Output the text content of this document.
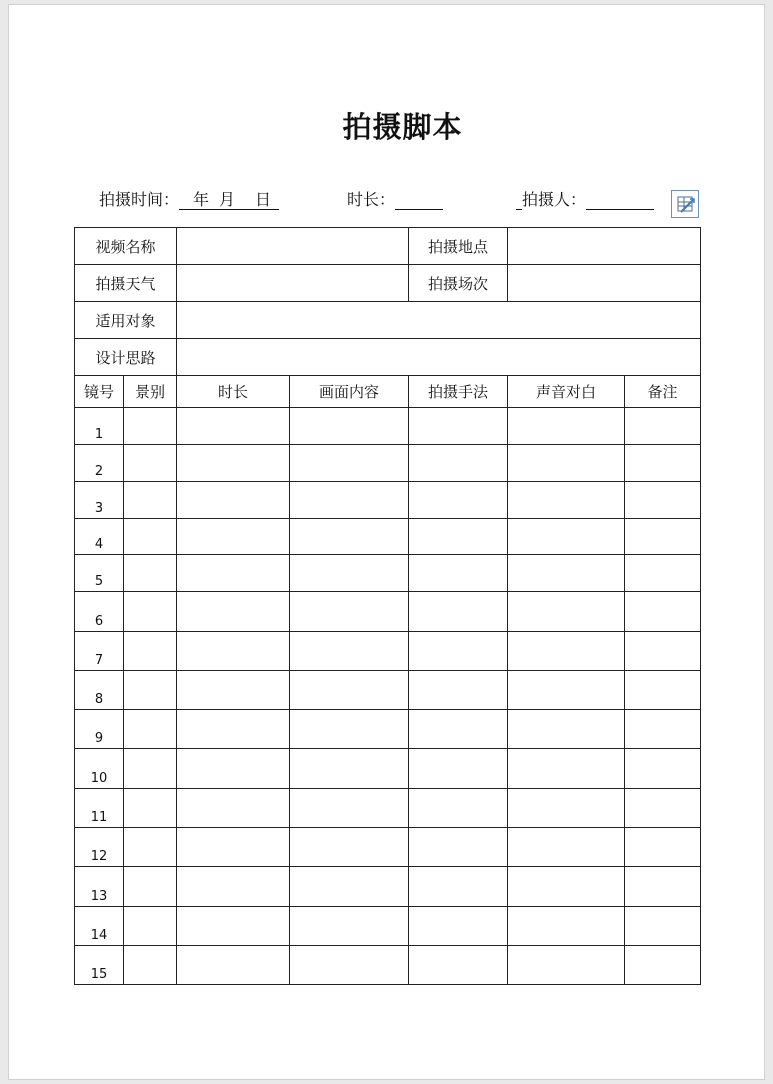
拍摄脚本
拍摄时间： 年 月 日	时长：	拍摄人：
视频名称				拍摄地点		
拍摄天气				拍摄场次		
适用对象						
设计思路						
镜号	景别	时长	画面内容	拍摄手法	声音对白	备注
1						
2						
3						
4						
5						
6						
7						
8						
9						
10						
11						
12						
13						
14						
15						
